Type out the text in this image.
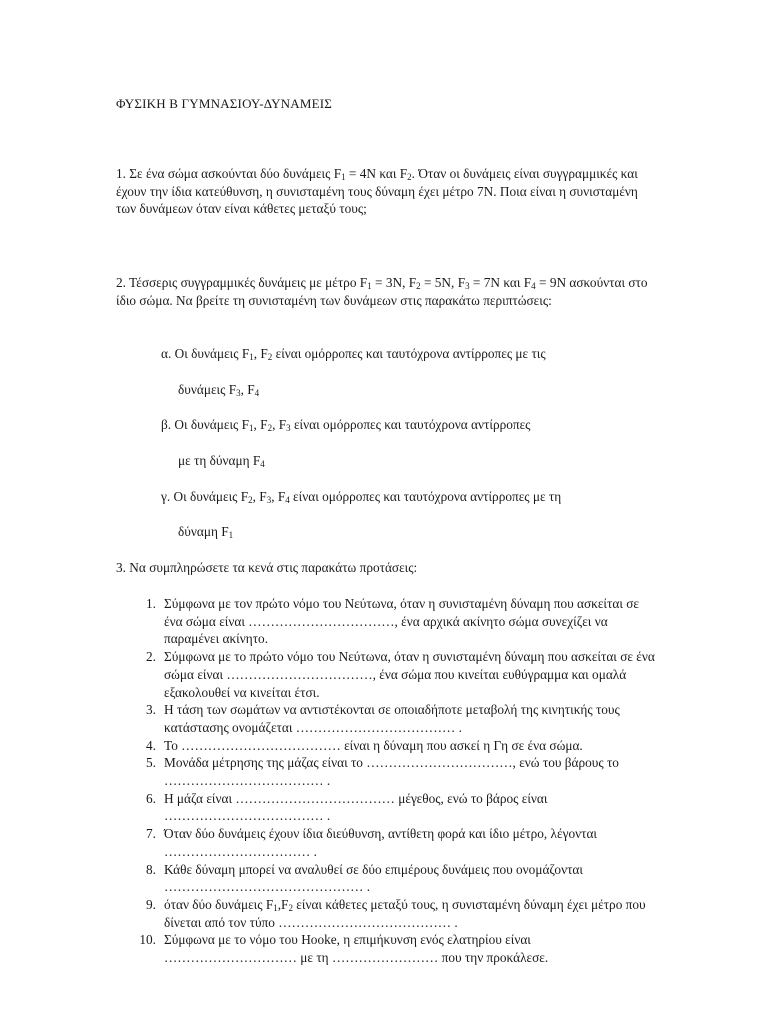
ΦΥΣΙΚΗ Β ΓΥΜΝΑΣΙΟΥ-ΔΥΝΑΜΕΙΣ
1. Σε ένα σώμα ασκούνται δύο δυνάμεις $F_1 = 4N$ και $F_2$. Όταν οι δυνάμεις είναι συγγραμμικές και έχουν την ίδια κατεύθυνση, η συνισταμένη τους δύναμη έχει μέτρο 7N. Ποια είναι η συνισταμένη των δυνάμεων όταν είναι κάθετες μεταξύ τους;
2. Τέσσερις συγγραμμικές δυνάμεις με μέτρο $F_1 = 3N$, $F_2 = 5N$, $F_3 = 7N$ και $F_4 = 9N$ ασκούνται στο ίδιο σώμα. Να βρείτε τη συνισταμένη των δυνάμεων στις παρακάτω περιπτώσεις:
α. Οι δυνάμεις $F_1$, $F_2$ είναι ομόρροπες και ταυτόχρονα αντίρροπες με τις
δυνάμεις $F_3$, $F_4$
β. Οι δυνάμεις $F_1$, $F_2$, $F_3$ είναι ομόρροπες και ταυτόχρονα αντίρροπες
με τη δύναμη $F_4$
γ. Οι δυνάμεις $F_2$, $F_3$, $F_4$ είναι ομόρροπες και ταυτόχρονα αντίρροπες με τη
δύναμη $F_1$
3. Να συμπληρώσετε τα κενά στις παρακάτω προτάσεις:
1. Σύμφωνα με τον πρώτο νόμο του Νεύτωνα, όταν η συνισταμένη δύναμη που ασκείται σε ένα σώμα είναι ……………………………, ένα αρχικά ακίνητο σώμα συνεχίζει να παραμένει ακίνητο.
2. Σύμφωνα με το πρώτο νόμο του Νεύτωνα, όταν η συνισταμένη δύναμη που ασκείται σε ένα σώμα είναι ……………………………, ένα σώμα που κινείται ευθύγραμμα και ομαλά εξακολουθεί να κινείται έτσι.
3. Η τάση των σωμάτων να αντιστέκονται σε οποιαδήποτε μεταβολή της κινητικής τους κατάστασης ονομάζεται ……………………………… .
4. Το ……………………………… είναι η δύναμη που ασκεί η Γη σε ένα σώμα.
5. Μονάδα μέτρησης της μάζας είναι το ……………………………, ενώ του βάρους το ……………………………… .
6. Η μάζα είναι ……………………………… μέγεθος, ενώ το βάρος είναι ……………………………… .
7. Όταν δύο δυνάμεις έχουν ίδια διεύθυνση, αντίθετη φορά και ίδιο μέτρο, λέγονται …………………………… .
8. Κάθε δύναμη μπορεί να αναλυθεί σε δύο επιμέρους δυνάμεις που ονομάζονται ……………………………………… .
9. όταν δύο δυνάμεις $F_1,F_2$ είναι κάθετες μεταξύ τους, η συνισταμένη δύναμη έχει μέτρο που δίνεται από τον τύπο ………………………………… .
10. Σύμφωνα με το νόμο του Hooke, η επιμήκυνση ενός ελατηρίου είναι ………………………… με τη …………………… που την προκάλεσε.
